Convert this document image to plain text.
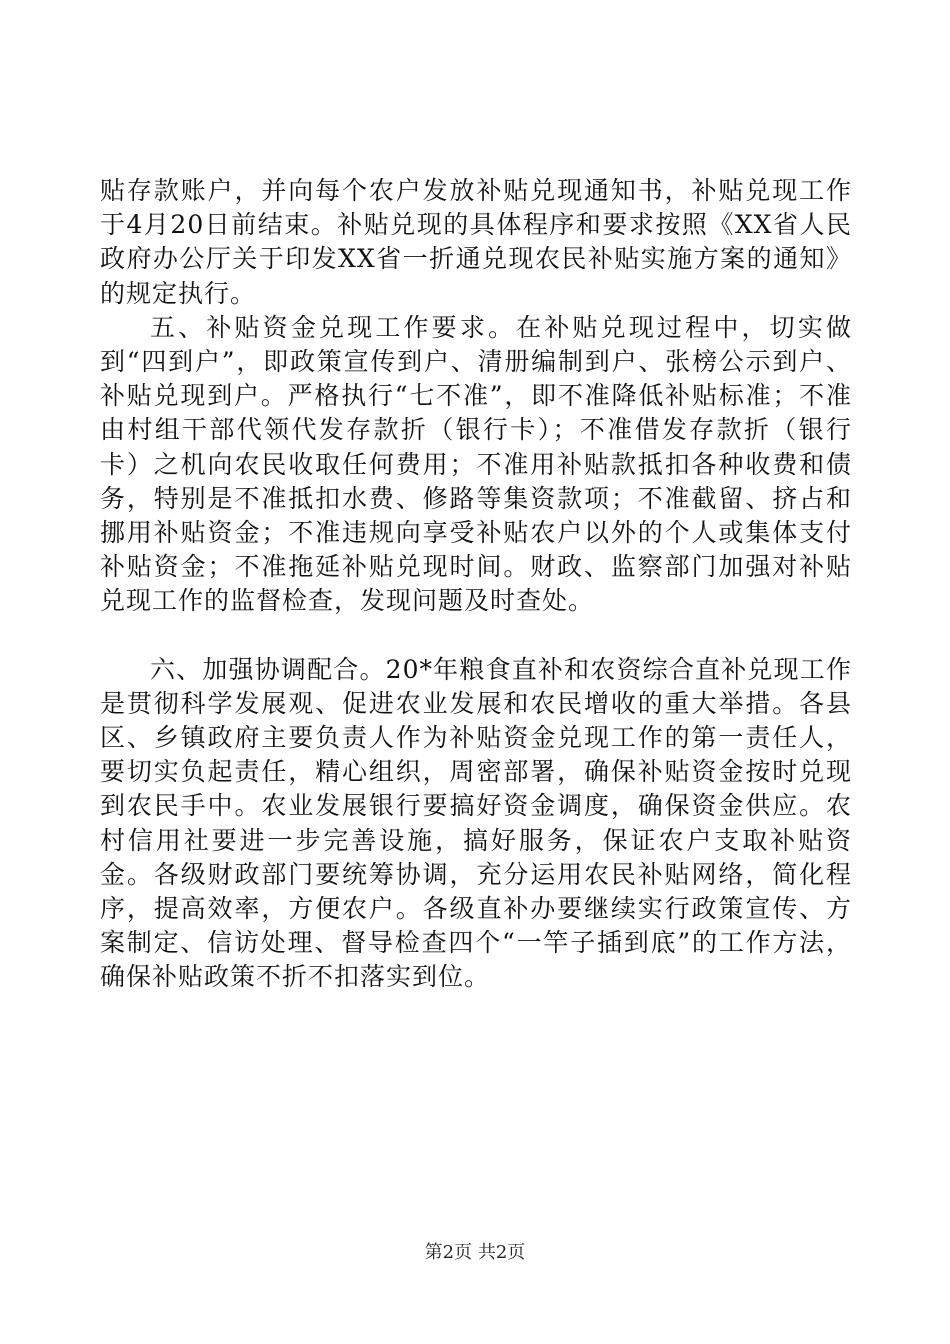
贴存款账户，并向每个农户发放补贴兑现通知书，补贴兑现工作于4月20日前结束。补贴兑现的具体程序和要求按照《XX省人民政府办公厅关于印发XX省一折通兑现农民补贴实施方案的通知》的规定执行。

五、补贴资金兑现工作要求。在补贴兑现过程中，切实做到“四到户”，即政策宣传到户、清册编制到户、张榜公示到户、补贴兑现到户。严格执行“七不准”，即不准降低补贴标准；不准由村组干部代领代发存款折（银行卡）；不准借发存款折（银行卡）之机向农民收取任何费用；不准用补贴款抵扣各种收费和债务，特别是不准抵扣水费、修路等集资款项；不准截留、挤占和挪用补贴资金；不准违规向享受补贴农户以外的个人或集体支付补贴资金；不准拖延补贴兑现时间。财政、监察部门加强对补贴兑现工作的监督检查，发现问题及时查处。

六、加强协调配合。20*年粮食直补和农资综合直补兑现工作是贯彻科学发展观、促进农业发展和农民增收的重大举措。各县区、乡镇政府主要负责人作为补贴资金兑现工作的第一责任人，要切实负起责任，精心组织，周密部署，确保补贴资金按时兑现到农民手中。农业发展银行要搞好资金调度，确保资金供应。农村信用社要进一步完善设施，搞好服务，保证农户支取补贴资金。各级财政部门要统筹协调，充分运用农民补贴网络，简化程序，提高效率，方便农户。各级直补办要继续实行政策宣传、方案制定、信访处理、督导检查四个“一竿子插到底”的工作方法，确保补贴政策不折不扣落实到位。

第2页 共2页
